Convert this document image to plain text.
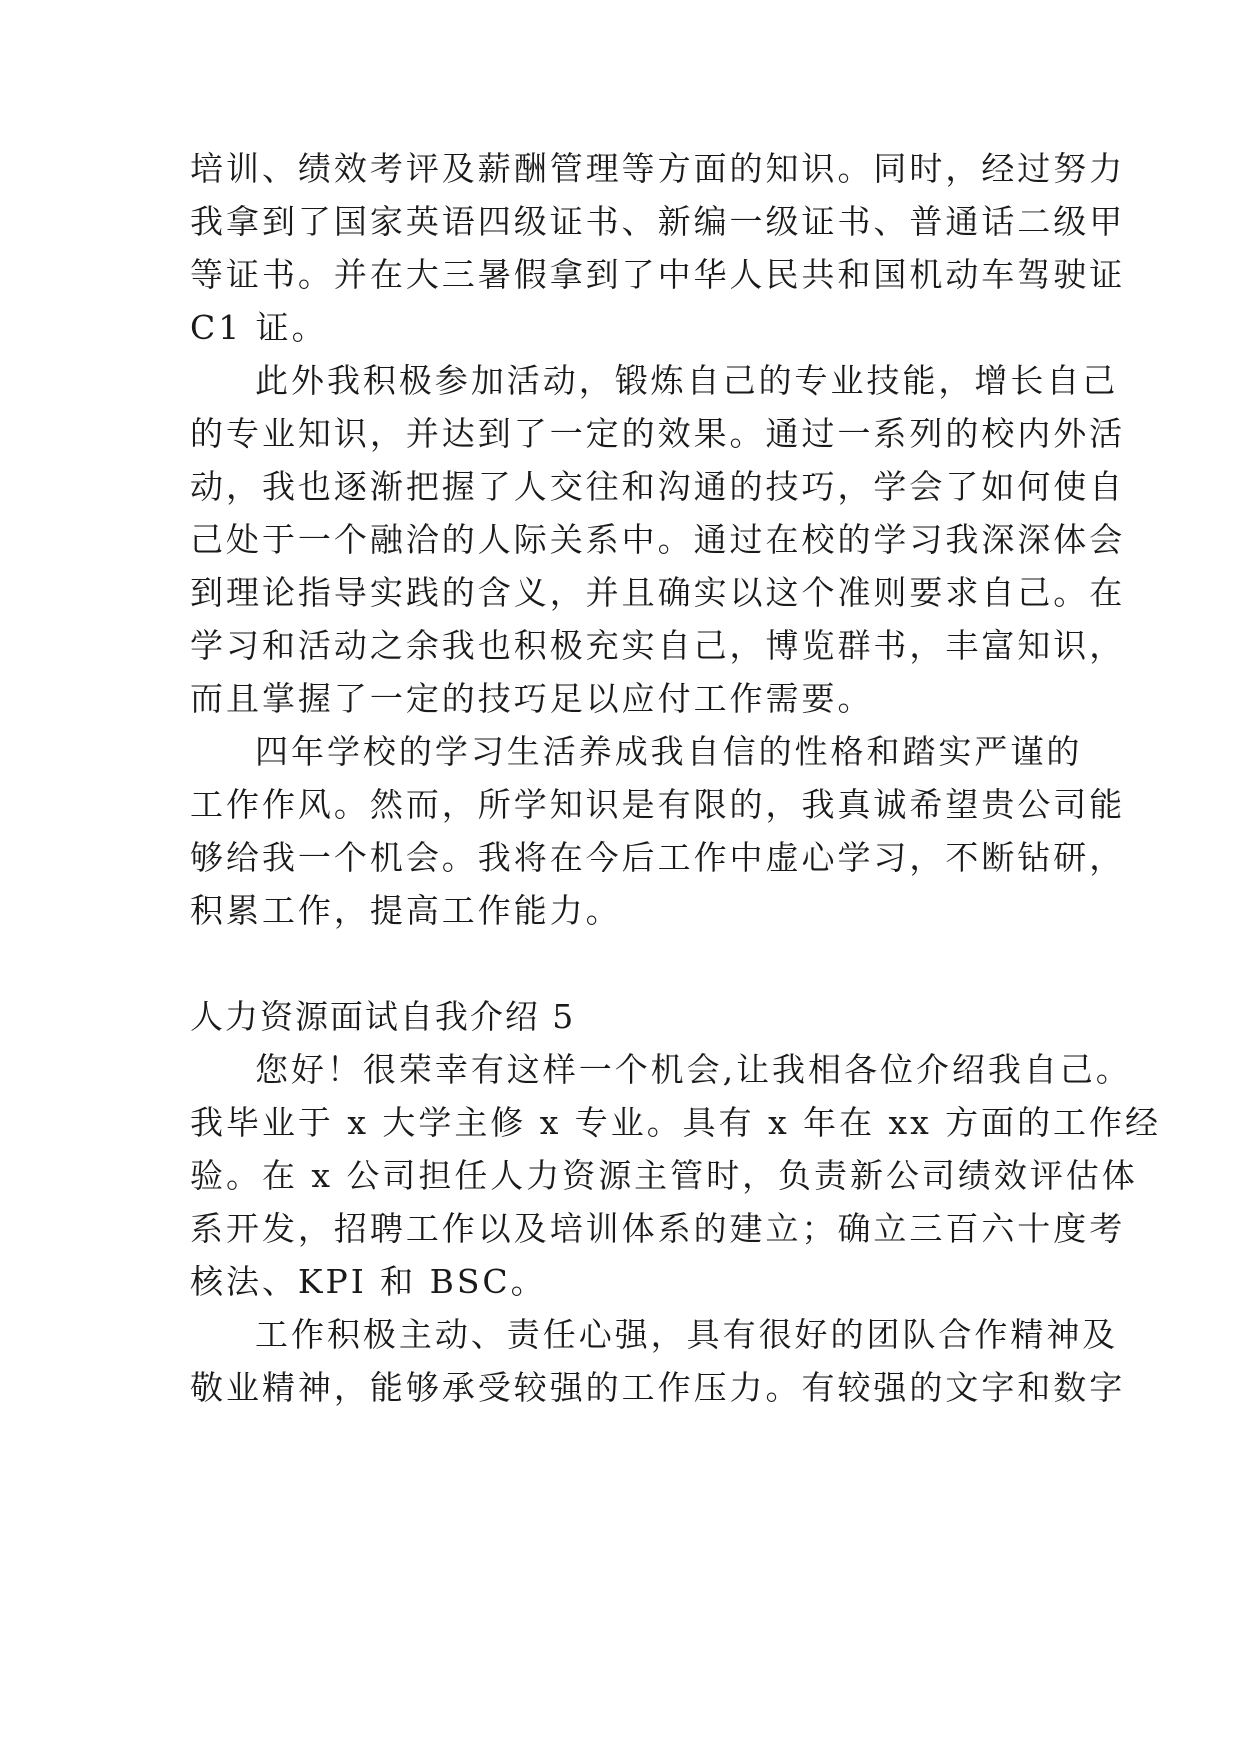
培训、绩效考评及薪酬管理等方面的知识。同时，经过努力
我拿到了国家英语四级证书、新编一级证书、普通话二级甲
等证书。并在大三暑假拿到了中华人民共和国机动车驾驶证
C1 证。
此外我积极参加活动，锻炼自己的专业技能，增长自己
的专业知识，并达到了一定的效果。通过一系列的校内外活
动，我也逐渐把握了人交往和沟通的技巧，学会了如何使自
己处于一个融洽的人际关系中。通过在校的学习我深深体会
到理论指导实践的含义，并且确实以这个准则要求自己。在
学习和活动之余我也积极充实自己，博览群书，丰富知识，
而且掌握了一定的技巧足以应付工作需要。
四年学校的学习生活养成我自信的性格和踏实严谨的
工作作风。然而，所学知识是有限的，我真诚希望贵公司能
够给我一个机会。我将在今后工作中虚心学习，不断钻研，
积累工作，提高工作能力。
人力资源面试自我介绍 5
您好！很荣幸有这样一个机会,让我相各位介绍我自己。
我毕业于 x 大学主修 x 专业。具有 x 年在 xx 方面的工作经
验。在 x 公司担任人力资源主管时，负责新公司绩效评估体
系开发，招聘工作以及培训体系的建立；确立三百六十度考
核法、KPI 和 BSC。
工作积极主动、责任心强，具有很好的团队合作精神及
敬业精神，能够承受较强的工作压力。有较强的文字和数字
